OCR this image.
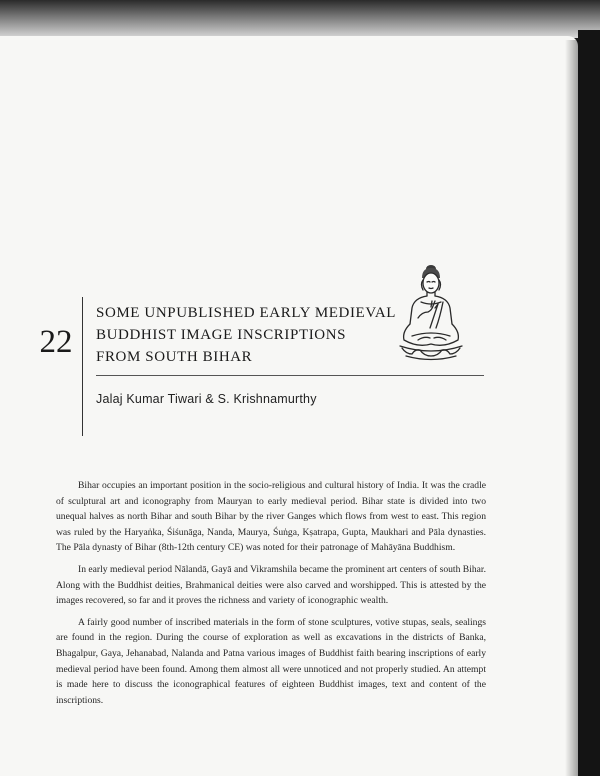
22
SOME UNPUBLISHED EARLY MEDIEVAL
BUDDHIST IMAGE INSCRIPTIONS
FROM SOUTH BIHAR
Jalaj Kumar Tiwari & S. Krishnamurthy

Bihar occupies an important position in the socio-religious and cultural history of India. It was the cradle of sculptural art and iconography from Mauryan to early medieval period. Bihar state is divided into two unequal halves as north Bihar and south Bihar by the river Ganges which flows from west to east. This region was ruled by the Haryaṅka, Śiśunāga, Nanda, Maurya, Śuṅga, Kṣatrapa, Gupta, Maukhari and Pāla dynasties. The Pāla dynasty of Bihar (8th-12th century CE) was noted for their patronage of Mahāyāna Buddhism.

In early medieval period Nālandā, Gayā and Vikramshila became the prominent art centers of south Bihar. Along with the Buddhist deities, Brahmanical deities were also carved and worshipped. This is attested by the images recovered, so far and it proves the richness and variety of iconographic wealth.

A fairly good number of inscribed materials in the form of stone sculptures, votive stupas, seals, sealings are found in the region. During the course of exploration as well as excavations in the districts of Banka, Bhagalpur, Gaya, Jehanabad, Nalanda and Patna various images of Buddhist faith bearing inscriptions of early medieval period have been found. Among them almost all were unnoticed and not properly studied. An attempt is made here to discuss the iconographical features of eighteen Buddhist images, text and content of the inscriptions.
